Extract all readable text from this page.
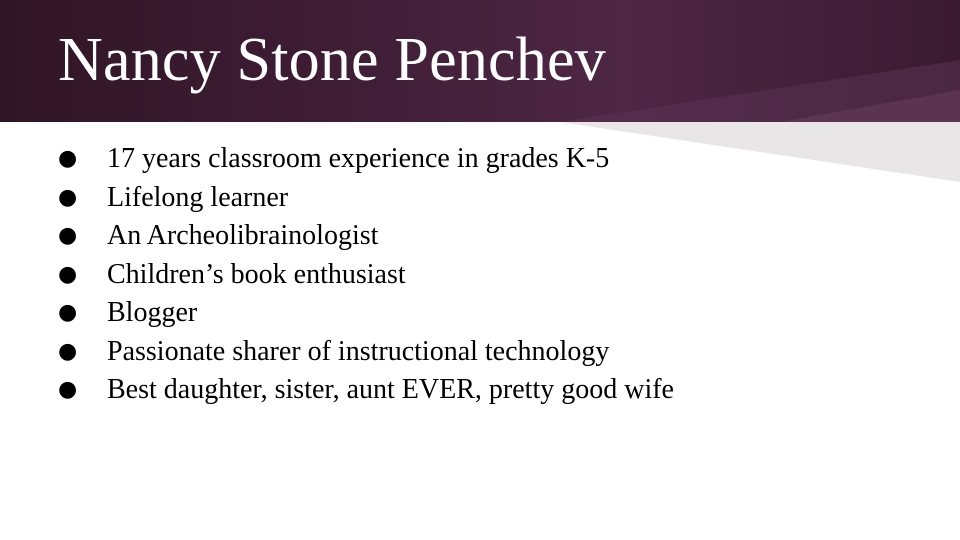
Nancy Stone Penchev
● 17 years classroom experience in grades K-5
● Lifelong learner
● An Archeolibrainologist
● Children’s book enthusiast
● Blogger
● Passionate sharer of instructional technology
● Best daughter, sister, aunt EVER, pretty good wife
